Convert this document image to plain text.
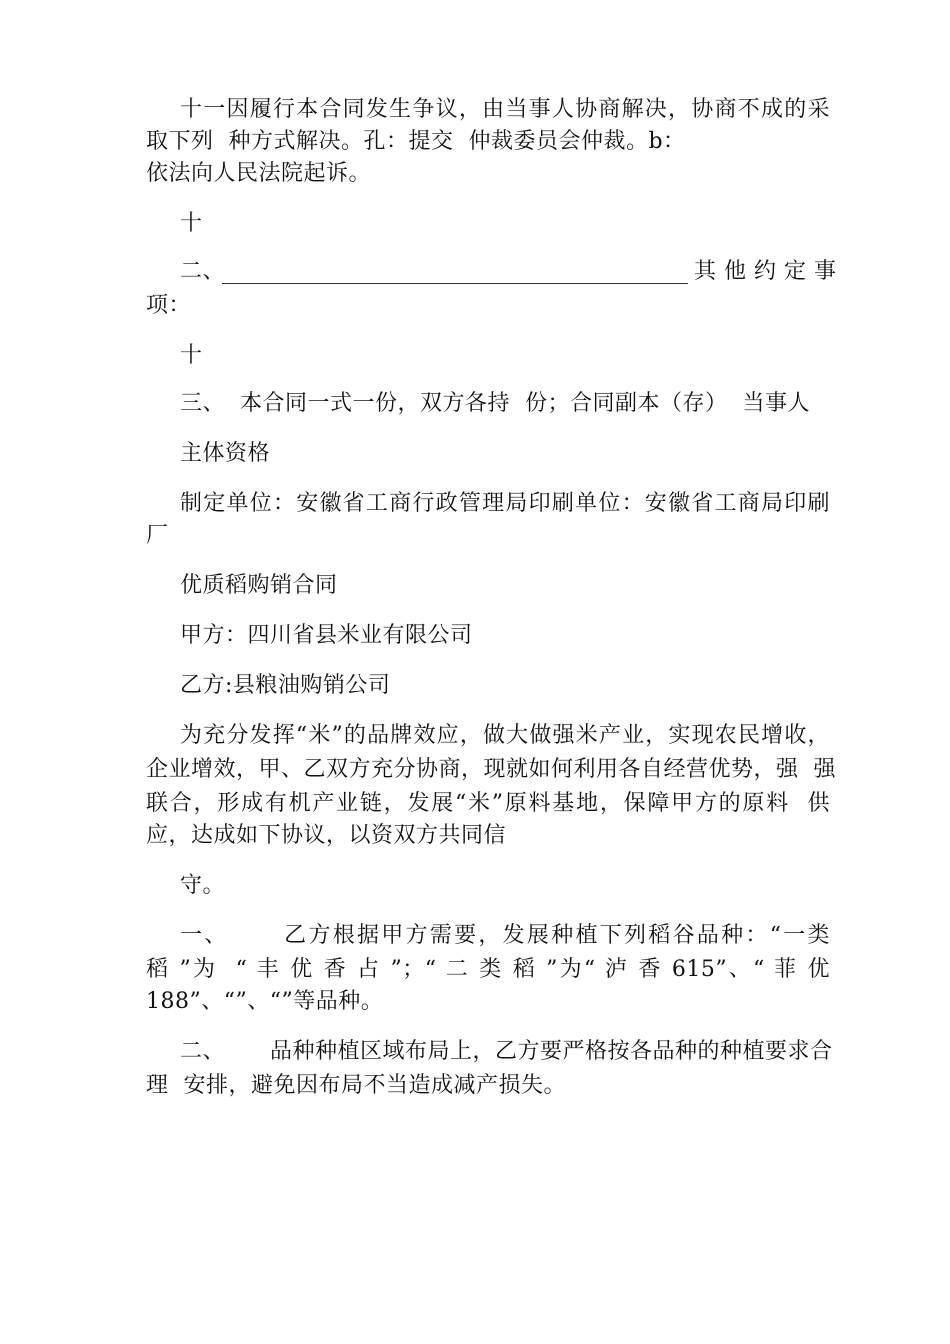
十一因履行本合同发生争议，由当事人协商解决，协商不成的采
取下列  种方式解决。孔：提交  仲裁委员会仲裁。b：
依法向人民法院起诉。
十
二、	其 他 约 定 事
项：
十
三、  本合同一式一份，双方各持  份；合同副本（存）  当事人
主体资格
制定单位：安徽省工商行政管理局印刷单位：安徽省工商局印刷
厂
优质稻购销合同
甲方：四川省县米业有限公司
乙方:县粮油购销公司
为充分发挥“米”的品牌效应，做大做强米产业，实现农民增收，
企业增效，甲、乙双方充分协商，现就如何利用各自经营优势，强  强
联合，形成有机产业链，发展“米”原料基地，保障甲方的原料  供
应，达成如下协议，以资双方共同信
守。
一、      乙方根据甲方需要，发展种植下列稻谷品种：“一类
稻 ”为  “ 丰 优 香 占 ”；“ 二 类 稻 ”为“ 泸 香 615”、“ 菲 优
188”、“”、“”等品种。
二、      品种种植区域布局上，乙方要严格按各品种的种植要求合
理  安排，避免因布局不当造成减产损失。
